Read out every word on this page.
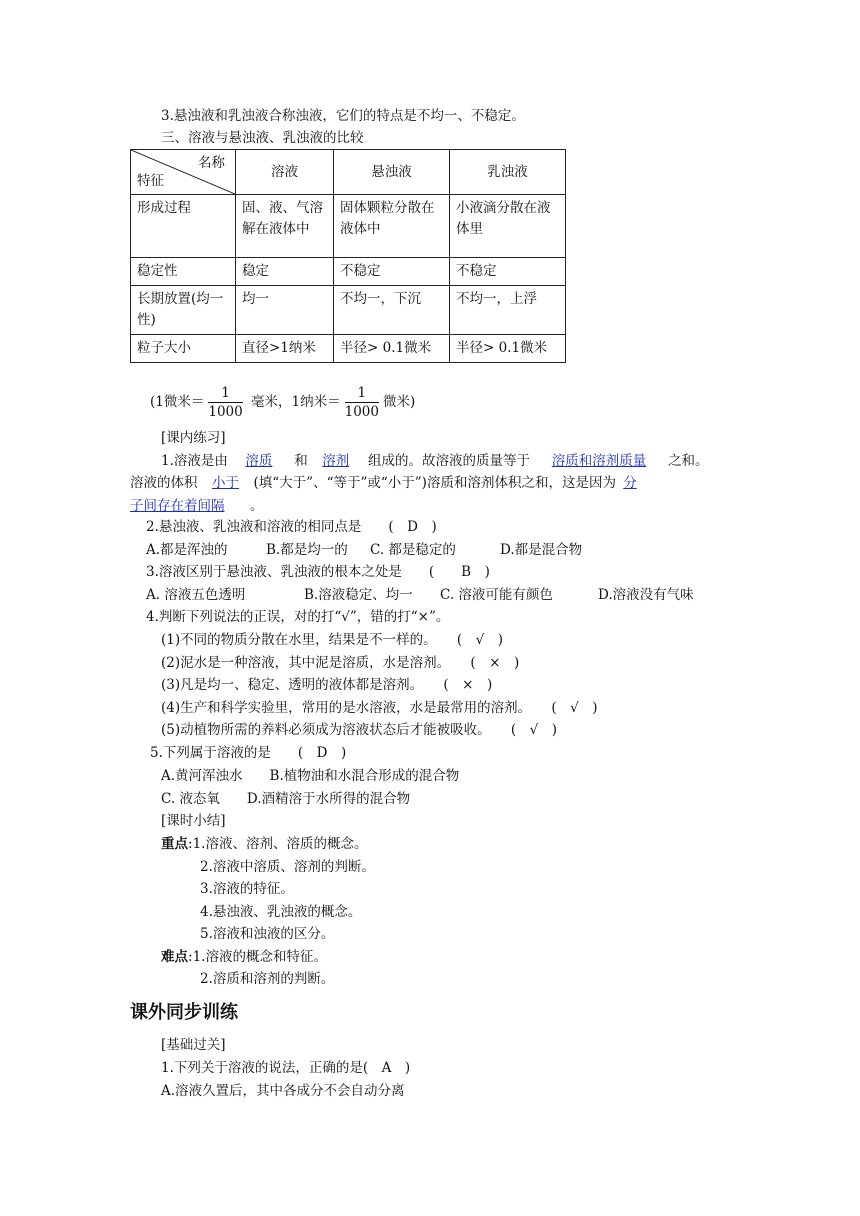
3.悬浊液和乳浊液合称浊液，它们的特点是不均一、不稳定。
三、溶液与悬浊液、乳浊液的比较
名称
特征	溶液	悬浊液	乳浊液
形成过程	固、液、气溶解在液体中	固体颗粒分散在液体中	小液滴分散在液体里
稳定性	稳定	不稳定	不稳定
长期放置(均一性)	均一	不均一，下沉	不均一，上浮
粒子大小	直径>1纳米	半径> 0.1微米	半径> 0.1微米
(1微米＝ $\frac{1}{1000}$ 毫米，1纳米＝ $\frac{1}{1000}$ 微米)
[课内练习]
1.溶液是由 溶质 和 溶剂 组成的。故溶液的质量等于 溶质和溶剂质量 之和。
溶液的体积 小于 (填“大于”、“等于”或“小于”)溶质和溶剂体积之和，这是因为 分
子间存在着间隔 。
2.悬浊液、乳浊液和溶液的相同点是　　(　D　)
A.都是浑浊的	B.都是均一的 C. 都是稳定的	D.都是混合物
3.溶液区别于悬浊液、乳浊液的根本之处是　　(　　B　)
A. 溶液五色透明	B.溶液稳定、均一 C. 溶液可能有颜色	D.溶液没有气味
4.判断下列说法的正误，对的打“√”，错的打“×”。
(1)不同的物质分散在水里，结果是不一样的。　　(　√　)
(2)泥水是一种溶液，其中泥是溶质，水是溶剂。　　(　×　)
(3)凡是均一、稳定、透明的液体都是溶剂。　　(　×　)
(4)生产和科学实验里，常用的是水溶液，水是最常用的溶剂。　　(　√　)
(5)动植物所需的养料必须成为溶液状态后才能被吸收。　　(　√　)
5.下列属于溶液的是　　(　D　)
A.黄河浑浊水　　B.植物油和水混合形成的混合物
C. 液态氧　　D.酒精溶于水所得的混合物
[课时小结]
重点:1.溶液、溶剂、溶质的概念。
2.溶液中溶质、溶剂的判断。
3.溶液的特征。
4.悬浊液、乳浊液的概念。
5.溶液和浊液的区分。
难点:1.溶液的概念和特征。
2.溶质和溶剂的判断。
课外同步训练
[基础过关]
1.下列关于溶液的说法，正确的是(　A　)
A.溶液久置后，其中各成分不会自动分离
